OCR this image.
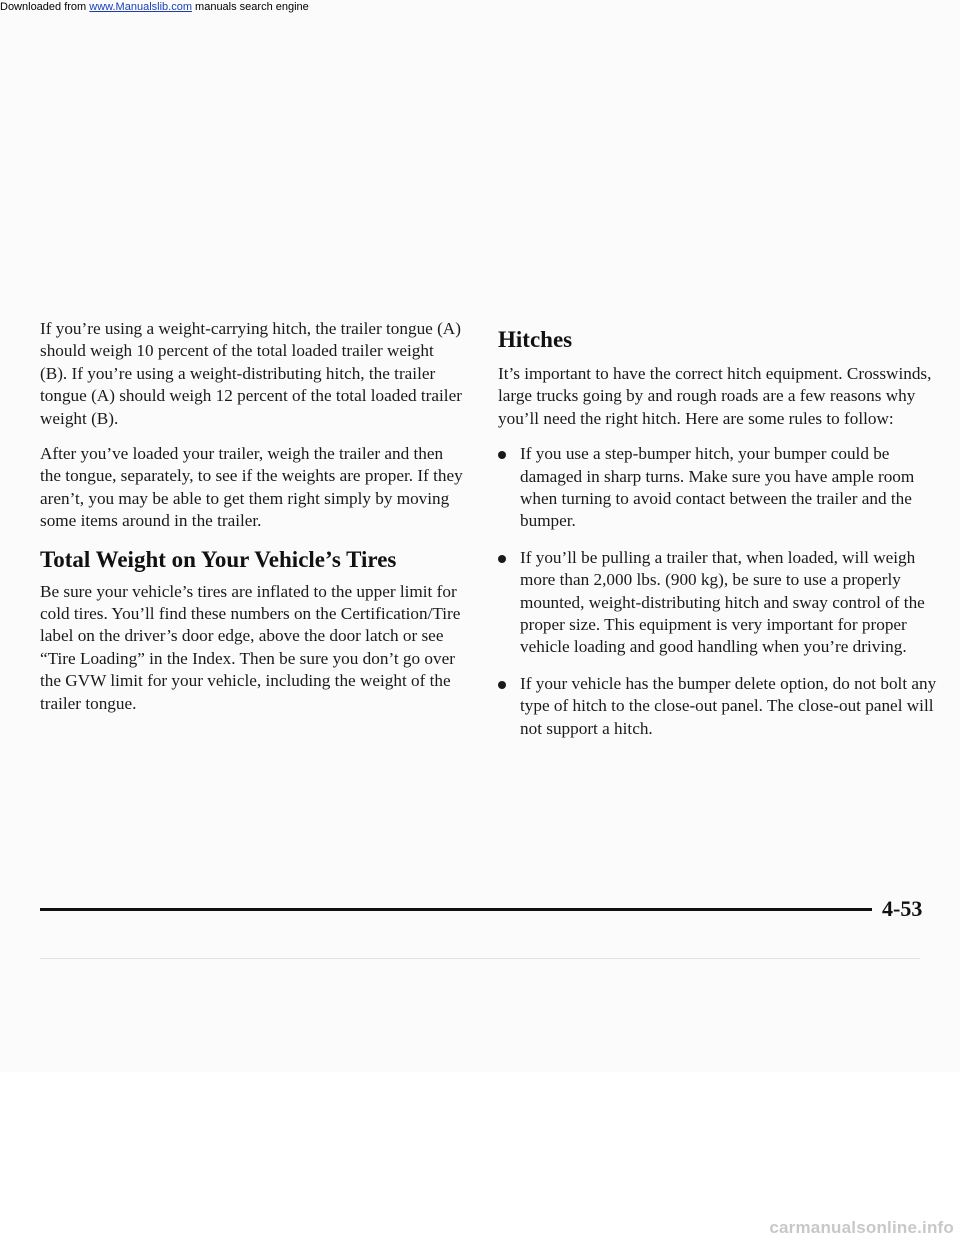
If you’re using a weight-carrying hitch, the trailer tongue (A) should weigh 10 percent of the total loaded trailer weight (B). If you’re using a weight-distributing hitch, the trailer tongue (A) should weigh 12 percent of the total loaded trailer weight (B).

After you’ve loaded your trailer, weigh the trailer and then the tongue, separately, to see if the weights are proper. If they aren’t, you may be able to get them right simply by moving some items around in the trailer.

Total Weight on Your Vehicle’s Tires

Be sure your vehicle’s tires are inflated to the upper limit for cold tires. You’ll find these numbers on the Certification/Tire label on the driver’s door edge, above the door latch or see “Tire Loading” in the Index. Then be sure you don’t go over the GVW limit for your vehicle, including the weight of the trailer tongue.

Hitches

It’s important to have the correct hitch equipment. Crosswinds, large trucks going by and rough roads are a few reasons why you’ll need the right hitch. Here are some rules to follow:

If you use a step-bumper hitch, your bumper could be damaged in sharp turns. Make sure you have ample room when turning to avoid contact between the trailer and the bumper.
If you’ll be pulling a trailer that, when loaded, will weigh more than 2,000 lbs. (900 kg), be sure to use a properly mounted, weight-distributing hitch and sway control of the proper size. This equipment is very important for proper vehicle loading and good handling when you’re driving.
If your vehicle has the bumper delete option, do not bolt any type of hitch to the close-out panel. The close-out panel will not support a hitch.
4-53
Downloaded from www.Manualslib.com manuals search engine
carmanualsonline.info
